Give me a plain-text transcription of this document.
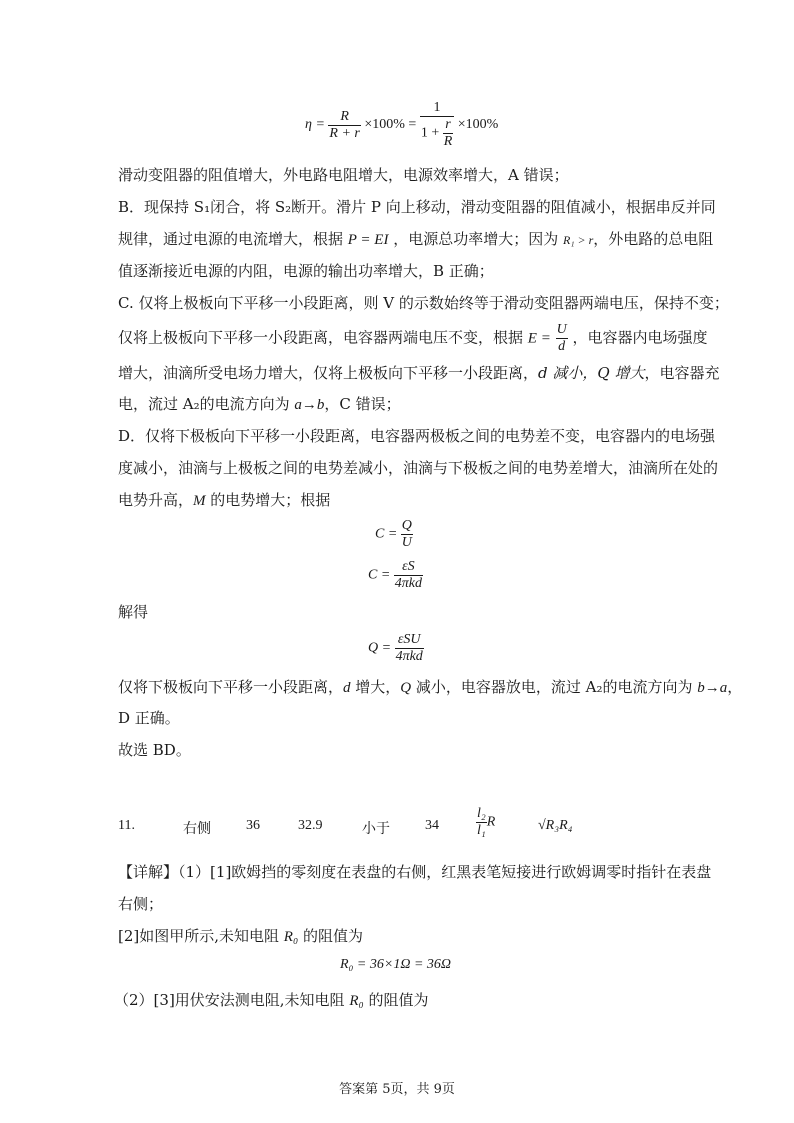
$\eta = \frac{R}{R + r} \times 100\% = \frac{1}{1 + \frac{r}{R}} \times 100\%$
滑动变阻器的阻值增大，外电路电阻增大，电源效率增大，A 错误；
B．现保持 S₁闭合，将 S₂断开。滑片 P 向上移动，滑动变阻器的阻值减小，根据串反并同
规律，通过电源的电流增大，根据 P = EI ，电源总功率增大；因为 R₁ > r，外电路的总电阻
值逐渐接近电源的内阻，电源的输出功率增大，B 正确；
C. 仅将上极板向下平移一小段距离，则 V 的示数始终等于滑动变阻器两端电压，保持不变；
仅将上极板向下平移一小段距离，电容器两端电压不变，根据 $E = \frac{U}{d}$ ，电容器内电场强度
增大，油滴所受电场力增大，仅将上极板向下平移一小段距离，d 减小，Q 增大，电容器充
电，流过 A₂的电流方向为 a→b，C 错误；
D．仅将下极板向下平移一小段距离，电容器两极板之间的电势差不变，电容器内的电场强
度减小，油滴与上极板之间的电势差减小，油滴与下极板之间的电势差增大，油滴所在处的
电势升高，M 的电势增大；根据
$C = \frac{Q}{U}$
$C = \frac{\varepsilon S}{\text{4πkd}}$
解得
$Q = \frac{\text{εSU}}{\text{4πkd}}$
仅将下极板向下平移一小段距离，d 增大，Q 减小，电容器放电，流过 A₂的电流方向为 b→a，
D 正确。
故选 BD。
11.	右侧	36	32.9	小于	34	$\frac{\text{l₂}}{\text{l₁}}$ R	√R₃R₄
【详解】（1）[1]欧姆挡的零刻度在表盘的右侧，红黑表笔短接进行欧姆调零时指针在表盘
右侧；
[2]如图甲所示,未知电阻 R₀ 的阻值为
R₀ = 36×1Ω = 36Ω
（2）[3]用伏安法测电阻,未知电阻 R₀ 的阻值为
答案第 5页，共 9页
